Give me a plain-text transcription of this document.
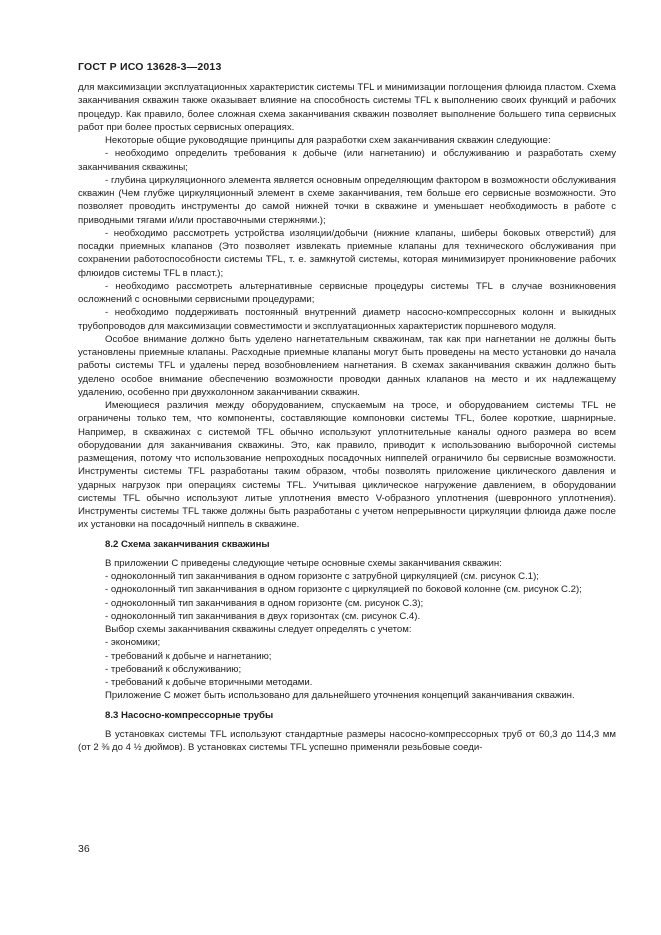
ГОСТ Р ИСО 13628-3—2013

для максимизации эксплуатационных характеристик системы TFL и минимизации поглощения флюида пластом. Схема заканчивания скважин также оказывает влияние на способность системы TFL к выполнению своих функций и рабочих процедур. Как правило, более сложная схема заканчивания скважин позволяет выполнение большего типа сервисных работ при более простых сервисных операциях.

Некоторые общие руководящие принципы для разработки схем заканчивания скважин следующие:

- необходимо определить требования к добыче (или нагнетанию) и обслуживанию и разработать схему заканчивания скважины;

- глубина циркуляционного элемента является основным определяющим фактором в возможности обслуживания скважин (Чем глубже циркуляционный элемент в схеме заканчивания, тем больше его сервисные возможности. Это позволяет проводить инструменты до самой нижней точки в скважине и уменьшает необходимость в работе с приводными тягами и/или проставочными стержнями.);

- необходимо рассмотреть устройства изоляции/добычи (нижние клапаны, шиберы боковых отверстий) для посадки приемных клапанов (Это позволяет извлекать приемные клапаны для технического обслуживания при сохранении работоспособности системы TFL, т. е. замкнутой системы, которая минимизирует проникновение рабочих флюидов системы TFL в пласт.);

- необходимо рассмотреть альтернативные сервисные процедуры системы TFL в случае возникновения осложнений с основными сервисными процедурами;

- необходимо поддерживать постоянный внутренний диаметр насосно-компрессорных колонн и выкидных трубопроводов для максимизации совместимости и эксплуатационных характеристик поршневого модуля.

Особое внимание должно быть уделено нагнетательным скважинам, так как при нагнетании не должны быть установлены приемные клапаны. Расходные приемные клапаны могут быть проведены на место установки до начала работы системы TFL и удалены перед возобновлением нагнетания. В схемах заканчивания скважин должно быть уделено особое внимание обеспечению возможности проводки данных клапанов на место и их надлежащему удалению, особенно при двухколонном заканчивании скважин.

Имеющиеся различия между оборудованием, спускаемым на тросе, и оборудованием системы TFL не ограничены только тем, что компоненты, составляющие компоновки системы TFL, более короткие, шарнирные. Например, в скважинах с системой TFL обычно используют уплотнительные каналы одного размера во всем оборудовании для заканчивания скважины. Это, как правило, приводит к использованию выборочной системы размещения, потому что использование непроходных посадочных ниппелей ограничило бы сервисные возможности. Инструменты системы TFL разработаны таким образом, чтобы позволять приложение циклического давления и ударных нагрузок при операциях системы TFL. Учитывая циклическое нагружение давлением, в оборудовании системы TFL обычно используют литые уплотнения вместо V-образного уплотнения (шевронного уплотнения). Инструменты системы TFL также должны быть разработаны с учетом непрерывности циркуляции флюида даже после их установки на посадочный ниппель в скважине.

8.2 Схема заканчивания скважины

В приложении С приведены следующие четыре основные схемы заканчивания скважин:

- одноколонный тип заканчивания в одном горизонте с затрубной циркуляцией (см. рисунок С.1);

- одноколонный тип заканчивания в одном горизонте с циркуляцией по боковой колонне (см. рисунок С.2);

- одноколонный тип заканчивания в одном горизонте (см. рисунок С.3);

- одноколонный тип заканчивания в двух горизонтах (см. рисунок С.4).

Выбор схемы заканчивания скважины следует определять с учетом:

- экономики;

- требований к добыче и нагнетанию;

- требований к обслуживанию;

- требований к добыче вторичными методами.

Приложение С может быть использовано для дальнейшего уточнения концепций заканчивания скважин.

8.3 Насосно-компрессорные трубы

В установках системы TFL используют стандартные размеры насосно-компрессорных труб от 60,3 до 114,3 мм (от 2 ⅜ до 4 ½ дюймов). В установках системы TFL успешно применяли резьбовые соеди-

36
